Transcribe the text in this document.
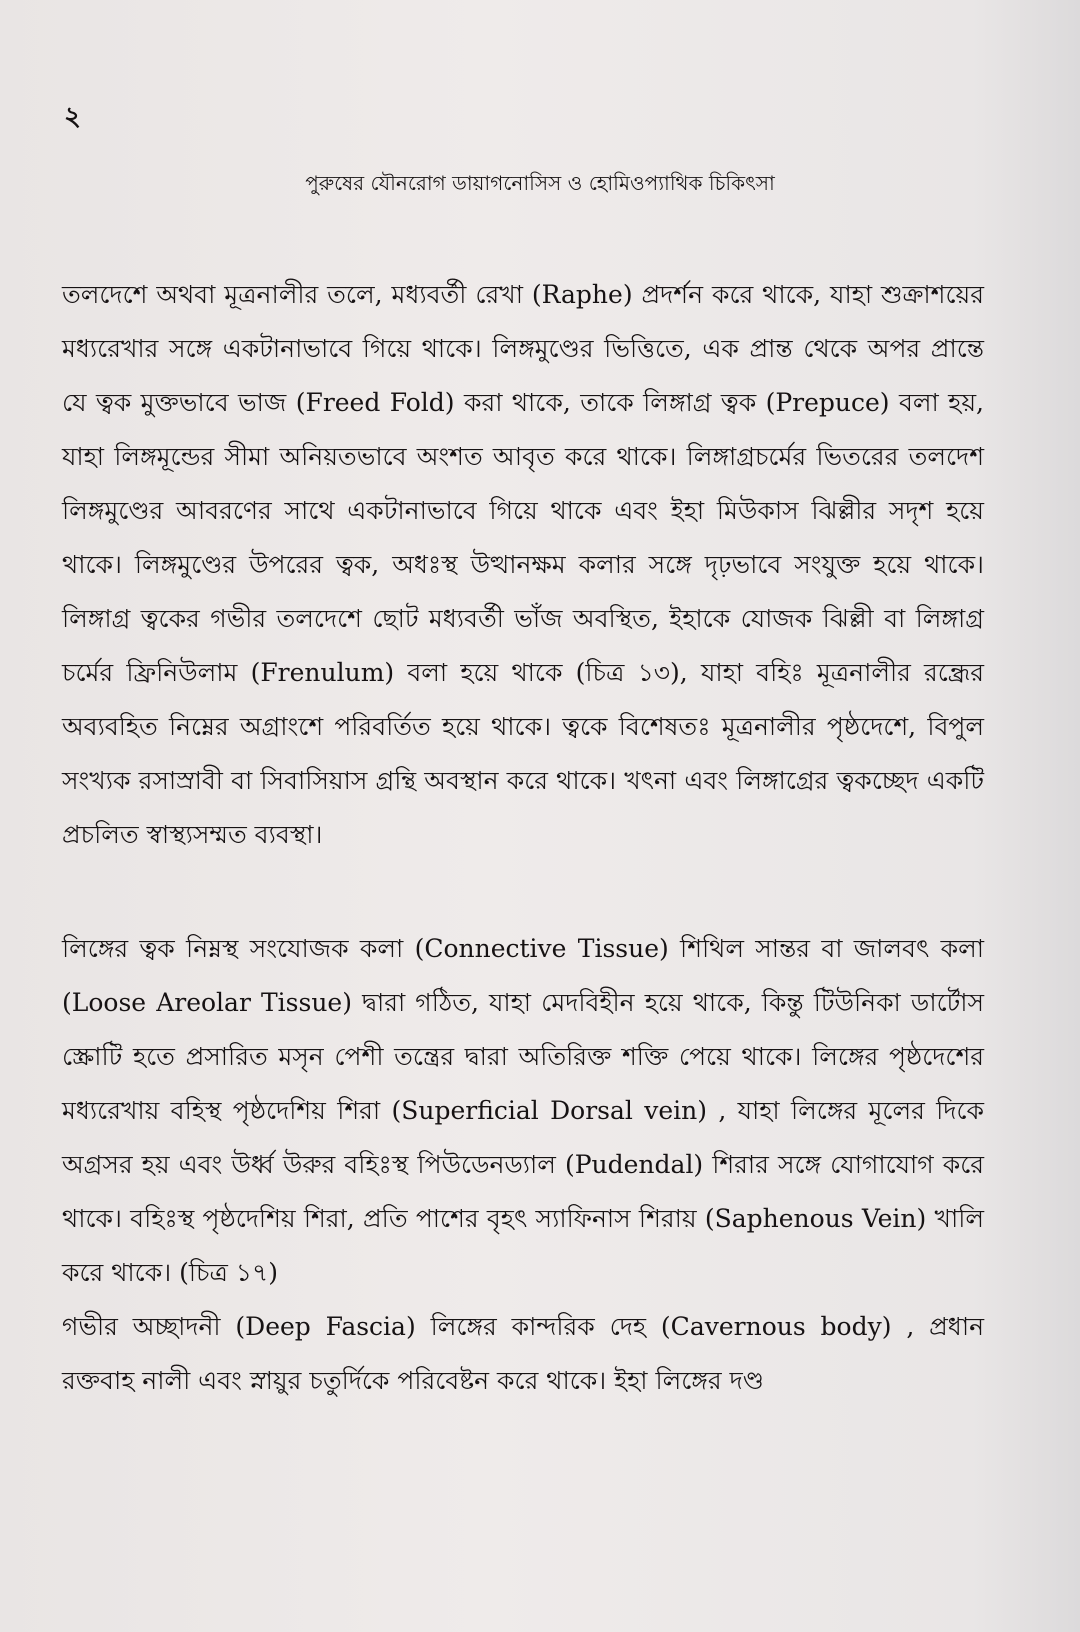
২
পুরুষের যৌনরোগ ডায়াগনোসিস ও হোমিওপ্যাথিক চিকিৎসা

তলদেশে অথবা মূত্রনালীর তলে, মধ্যবর্তী রেখা (Raphe) প্রদর্শন করে থাকে, যাহা শুক্রাশয়ের মধ্যরেখার সঙ্গে একটানাভাবে গিয়ে থাকে। লিঙ্গমুণ্ডের ভিত্তিতে, এক প্রান্ত থেকে অপর প্রান্তে যে ত্বক মুক্তভাবে ভাজ (Freed Fold) করা থাকে, তাকে লিঙ্গাগ্র ত্বক (Prepuce) বলা হয়, যাহা লিঙ্গমূন্ডের সীমা অনিয়তভাবে অংশত আবৃত করে থাকে। লিঙ্গাগ্রচর্মের ভিতরের তলদেশ লিঙ্গমুণ্ডের আবরণের সাথে একটানাভাবে গিয়ে থাকে এবং ইহা মিউকাস ঝিল্লীর সদৃশ হয়ে থাকে। লিঙ্গমুণ্ডের উপরের ত্বক, অধঃস্থ উত্থানক্ষম কলার সঙ্গে দৃঢ়ভাবে সংযুক্ত হয়ে থাকে। লিঙ্গাগ্র ত্বকের গভীর তলদেশে ছোট মধ্যবর্তী ভাঁজ অবস্থিত, ইহাকে যোজক ঝিল্লী বা লিঙ্গাগ্র চর্মের ফ্রিনিউলাম (Frenulum) বলা হয়ে থাকে (চিত্র ১৩), যাহা বহিঃ মূত্রনালীর রন্ধ্রের অব্যবহিত নিম্নের অগ্রাংশে পরিবর্তিত হয়ে থাকে। ত্বকে বিশেষতঃ মূত্রনালীর পৃষ্ঠদেশে, বিপুল সংখ্যক রসাস্রাবী বা সিবাসিয়াস গ্রন্থি অবস্থান করে থাকে। খৎনা এবং লিঙ্গাগ্রের ত্বকচ্ছেদ একটি প্রচলিত স্বাস্থ্যসম্মত ব্যবস্থা।

লিঙ্গের ত্বক নিম্নস্থ সংযোজক কলা (Connective Tissue) শিথিল সান্তর বা জালবৎ কলা (Loose Areolar Tissue) দ্বারা গঠিত, যাহা মেদবিহীন হয়ে থাকে, কিন্তু টিউনিকা ডার্টোস স্ক্রোটি হতে প্রসারিত মসৃন পেশী তন্ত্রের দ্বারা অতিরিক্ত শক্তি পেয়ে থাকে। লিঙ্গের পৃষ্ঠদেশের মধ্যরেখায় বহিস্থ পৃষ্ঠদেশিয় শিরা (Superficial Dorsal vein) , যাহা লিঙ্গের মূলের দিকে অগ্রসর হয় এবং উর্ধ্ব উরুর বহিঃস্থ পিউডেনড্যাল (Pudendal) শিরার সঙ্গে যোগাযোগ করে থাকে। বহিঃস্থ পৃষ্ঠদেশিয় শিরা, প্রতি পাশের বৃহৎ স্যাফিনাস শিরায় (Saphenous Vein) খালি করে থাকে। (চিত্র ১৭)

গভীর অচ্ছাদনী (Deep Fascia) লিঙ্গের কান্দরিক দেহ (Cavernous body) , প্রধান রক্তবাহ নালী এবং স্নায়ুর চতুর্দিকে পরিবেষ্টন করে থাকে। ইহা লিঙ্গের দণ্ড
